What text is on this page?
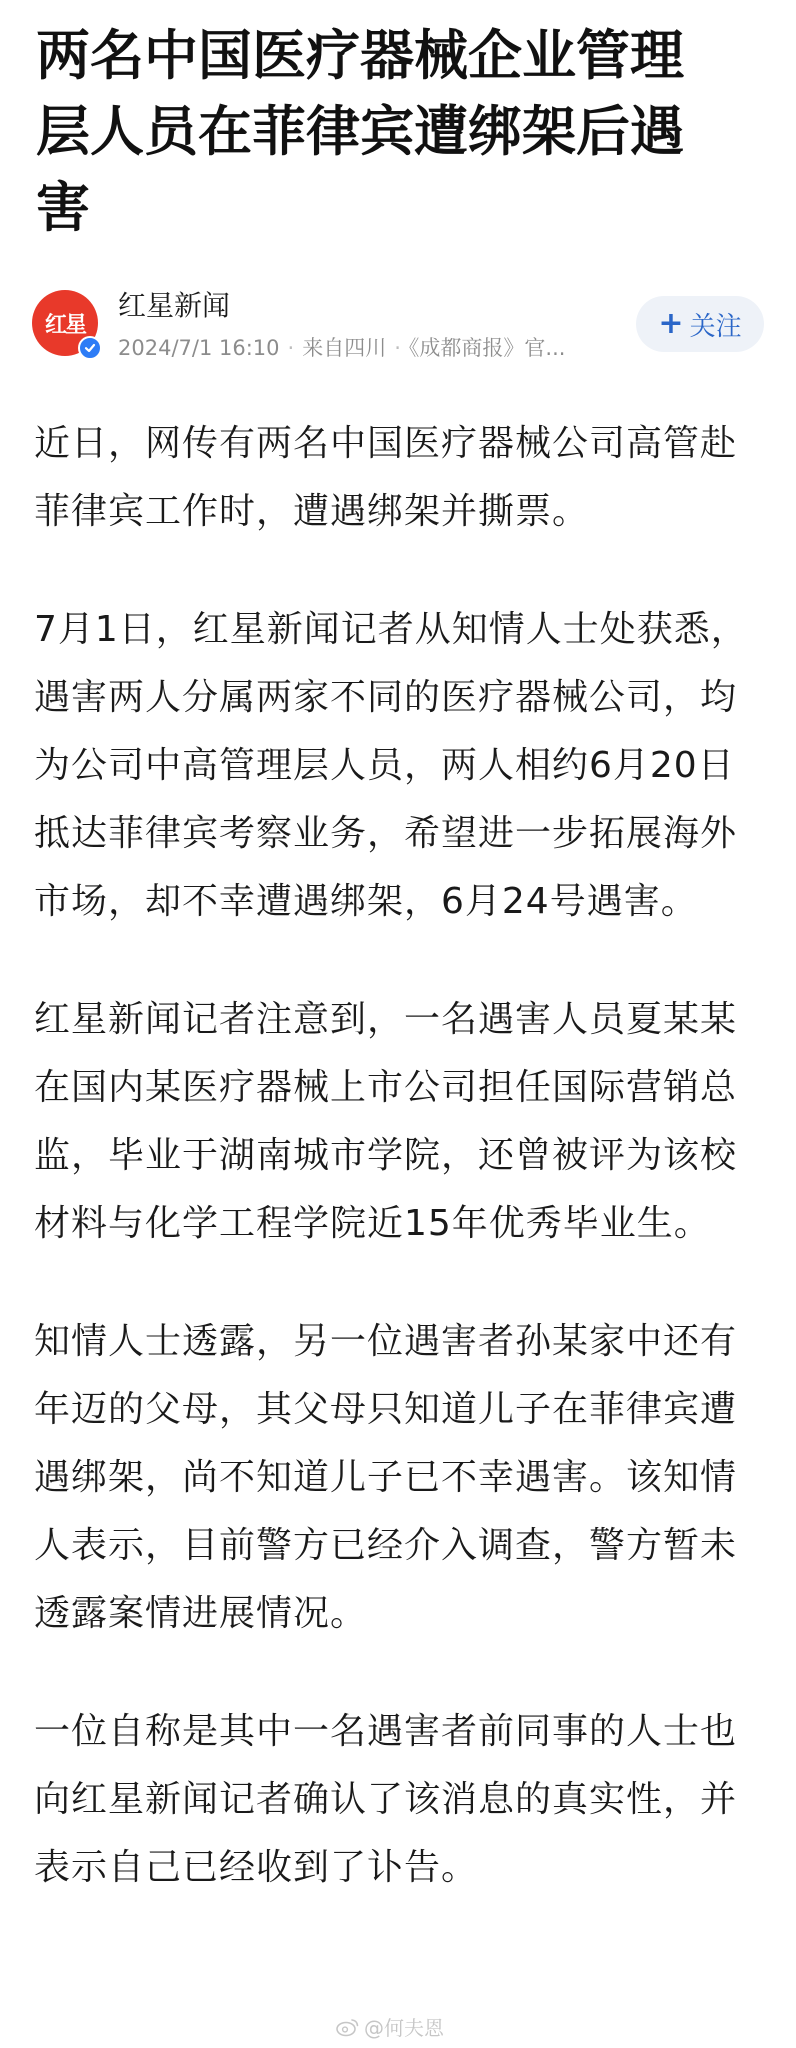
两名中国医疗器械企业管理层人员在菲律宾遭绑架后遇害
红星
红星新闻
2024/7/1 16:10 · 来自四川 · 《成都商报》官...
+ 关注

近日，网传有两名中国医疗器械公司高管赴菲律宾工作时，遭遇绑架并撕票。

7月1日，红星新闻记者从知情人士处获悉，遇害两人分属两家不同的医疗器械公司，均为公司中高管理层人员，两人相约6月20日抵达菲律宾考察业务，希望进一步拓展海外市场，却不幸遭遇绑架，6月24号遇害。

红星新闻记者注意到，一名遇害人员夏某某在国内某医疗器械上市公司担任国际营销总监，毕业于湖南城市学院，还曾被评为该校材料与化学工程学院近15年优秀毕业生。

知情人士透露，另一位遇害者孙某家中还有年迈的父母，其父母只知道儿子在菲律宾遭遇绑架，尚不知道儿子已不幸遇害。该知情人表示，目前警方已经介入调查，警方暂未透露案情进展情况。

一位自称是其中一名遇害者前同事的人士也向红星新闻记者确认了该消息的真实性，并表示自己已经收到了讣告。

@何夫恩
